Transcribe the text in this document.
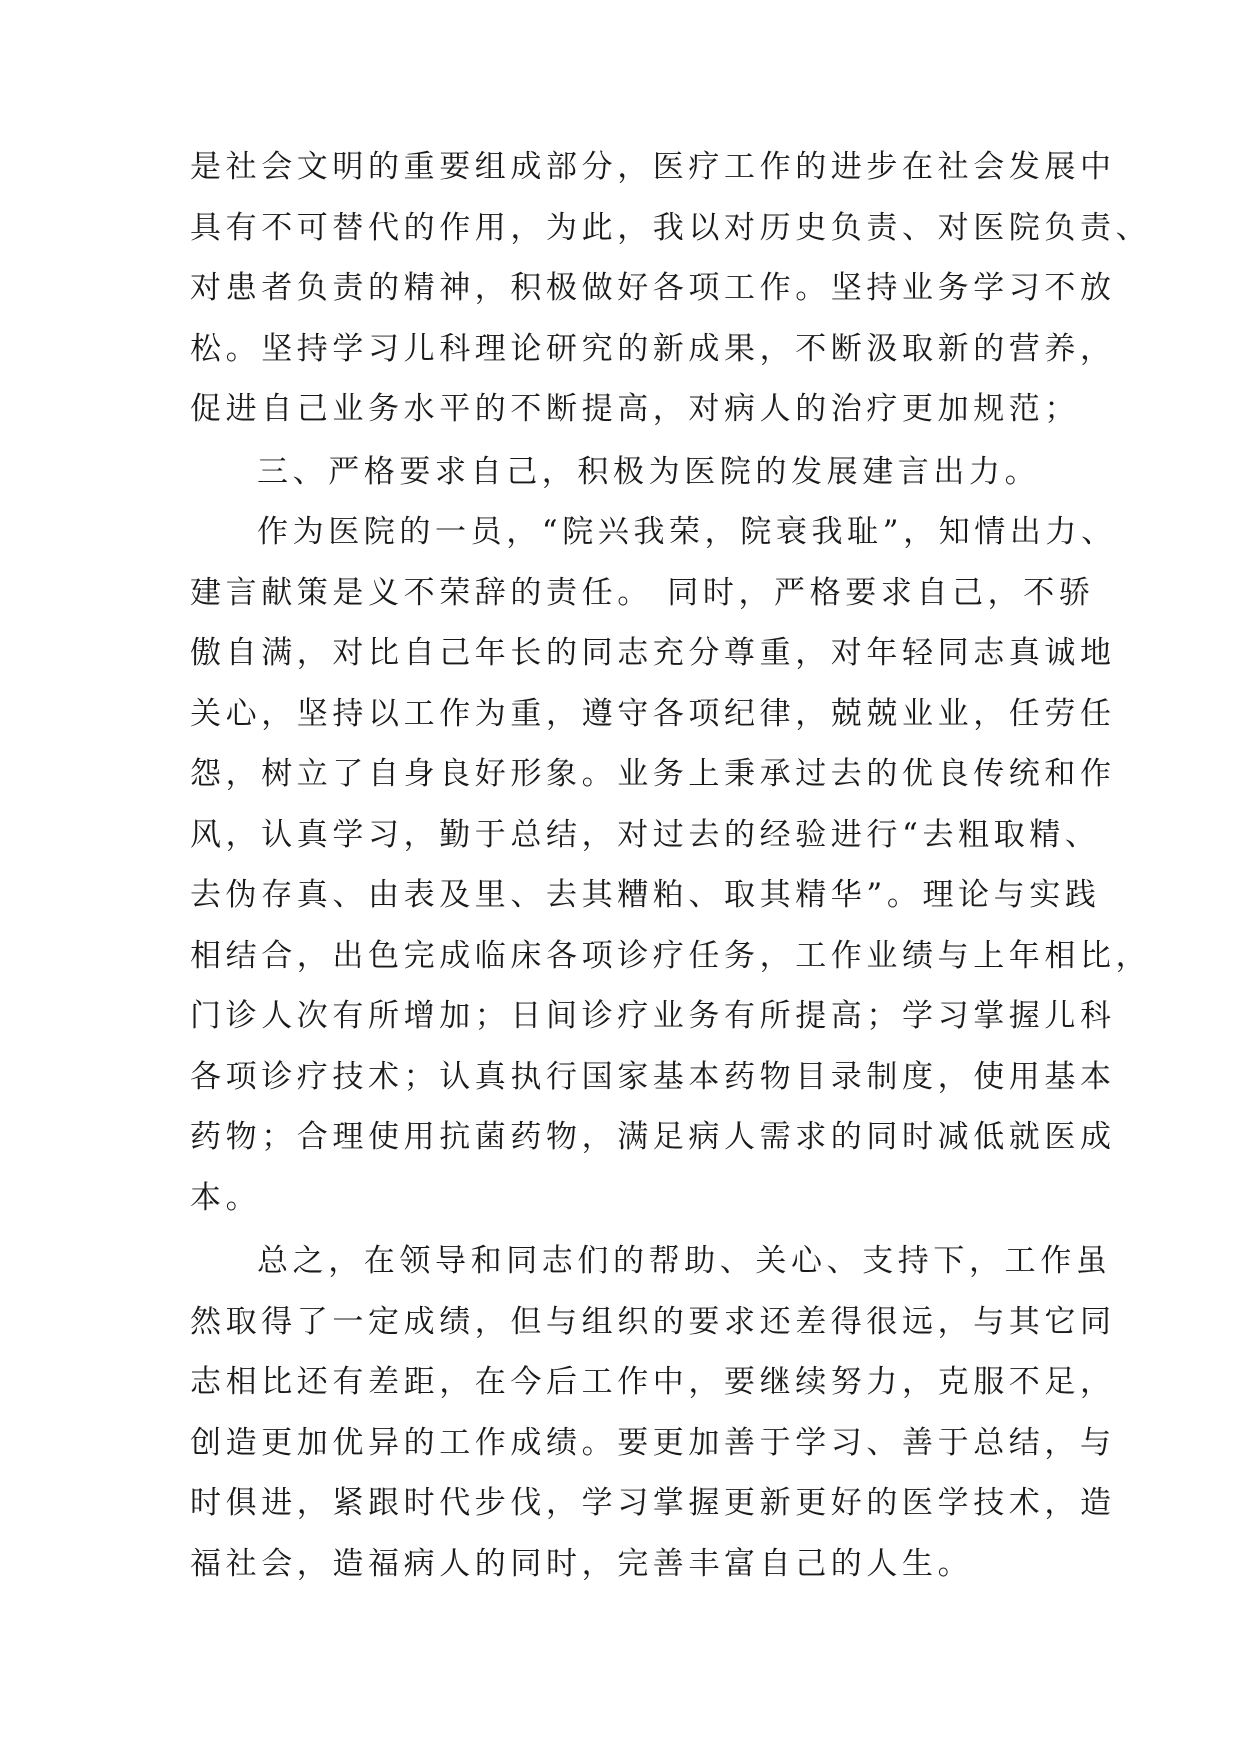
是社会文明的重要组成部分，医疗工作的进步在社会发展中
具有不可替代的作用，为此，我以对历史负责、对医院负责、
对患者负责的精神，积极做好各项工作。坚持业务学习不放
松。坚持学习儿科理论研究的新成果，不断汲取新的营养，
促进自己业务水平的不断提高，对病人的治疗更加规范；
三、严格要求自己，积极为医院的发展建言出力。
作为医院的一员，“院兴我荣，院衰我耻”，知情出力、
建言献策是义不荣辞的责任。 同时，严格要求自己，不骄
傲自满，对比自己年长的同志充分尊重，对年轻同志真诚地
关心，坚持以工作为重，遵守各项纪律，兢兢业业，任劳任
怨，树立了自身良好形象。业务上秉承过去的优良传统和作
风，认真学习，勤于总结，对过去的经验进行“去粗取精、
去伪存真、由表及里、去其糟粕、取其精华”。理论与实践
相结合，出色完成临床各项诊疗任务，工作业绩与上年相比，
门诊人次有所增加；日间诊疗业务有所提高；学习掌握儿科
各项诊疗技术；认真执行国家基本药物目录制度，使用基本
药物；合理使用抗菌药物，满足病人需求的同时减低就医成
本。
总之，在领导和同志们的帮助、关心、支持下，工作虽
然取得了一定成绩，但与组织的要求还差得很远，与其它同
志相比还有差距，在今后工作中，要继续努力，克服不足，
创造更加优异的工作成绩。要更加善于学习、善于总结，与
时俱进，紧跟时代步伐，学习掌握更新更好的医学技术，造
福社会，造福病人的同时，完善丰富自己的人生。
